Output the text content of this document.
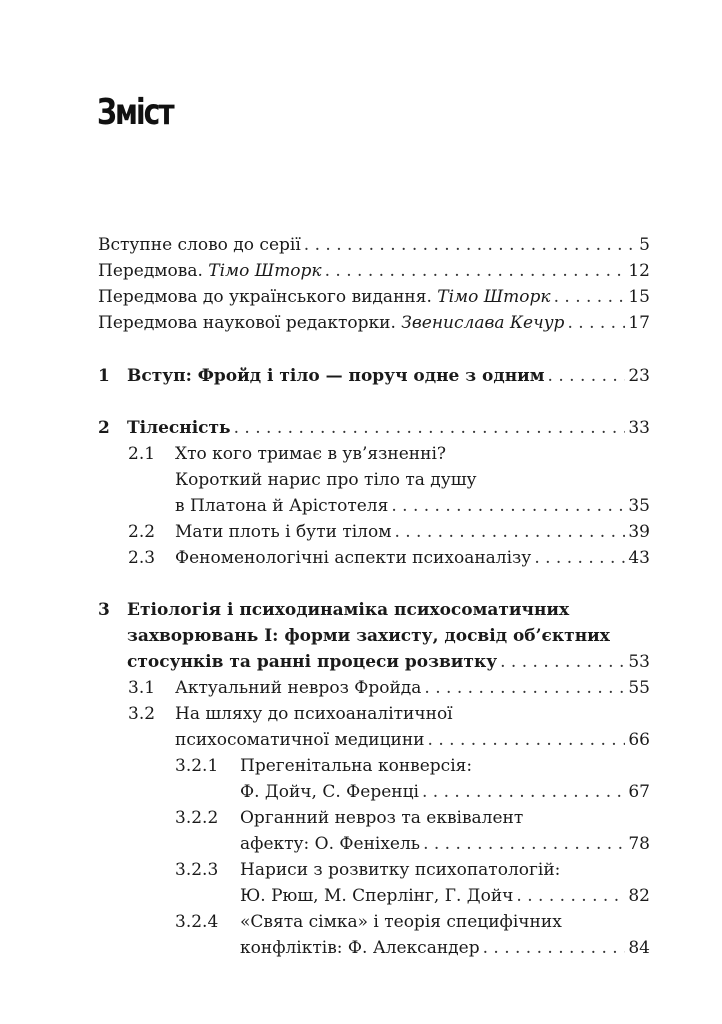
Зміст
Вступне слово до серії . . .	5
Передмова. Тімо Шторк . . .	12
Передмова до українського видання. Тімо Шторк . . .	15
Передмова наукової редакторки. Звенислава Кечур . . .	17
1 Вступ: Фройд і тіло — поруч одне з одним . . .	23
2 Тілесність . . .	33
2.1 Хто кого тримає в ув’язненні?
Короткий нарис про тіло та душу
в Платона й Арістотеля . . .	35
2.2 Мати плоть і бути тілом . . .	39
2.3 Феноменологічні аспекти психоаналізу . . .	43
3 Етіологія і психодинаміка психосоматичних
захворювань I: форми захисту, досвід об’єктних
стосунків та ранні процеси розвитку . . .	53
3.1 Актуальний невроз Фройда . . .	55
3.2 На шляху до психоаналітичної
психосоматичної медицини . . .	66
3.2.1 Прегенітальна конверсія:
Ф. Дойч, С. Ференці . . .	67
3.2.2 Органний невроз та еквівалент
афекту: О. Феніхель . . .	78
3.2.3 Нариси з розвитку психопатологій:
Ю. Рюш, М. Сперлінг, Г. Дойч . . .	82
3.2.4 «Свята сімка» і теорія специфічних
конфліктів: Ф. Александер . . .	84
